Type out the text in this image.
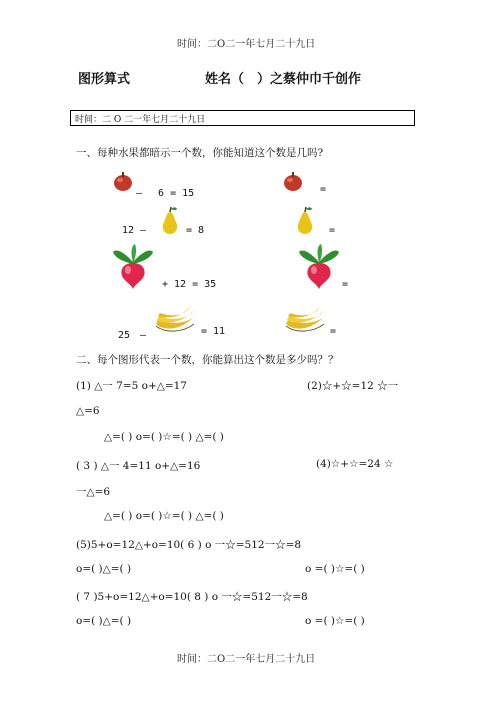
时间：二O二一年七月二十九日
时间：二O二一年七月二十九日
图形算式	姓名（　）之蔡仲巾千创作
时间：二 O 二一年七月二十九日
一、每种水果都暗示一个数，你能知道这个数是几吗?
—　 6 = 15	=
12 —	= 8	=
+ 12 = 35	=
25　—	= 11	=
二、每个图形代表一个数，你能算出这个数是多少吗？？
(1) △一 7=5 o+△=17	(2)☆+☆=12 ☆一
△=6
△=( ) o=( )☆=( ) △=( )
( 3 ) △一 4=11 o+△=16	(4)☆+☆=24 ☆
一△=6
△=( ) o=( )☆=( ) △=( )
(5)5+o=12△+o=10( 6 ) o 一☆=512一☆=8
o=( )△=( )	o =( )☆=( )
( 7 )5+o=12△+o=10( 8 ) o 一☆=512一☆=8
o=( )△=( )	o =( )☆=( )
